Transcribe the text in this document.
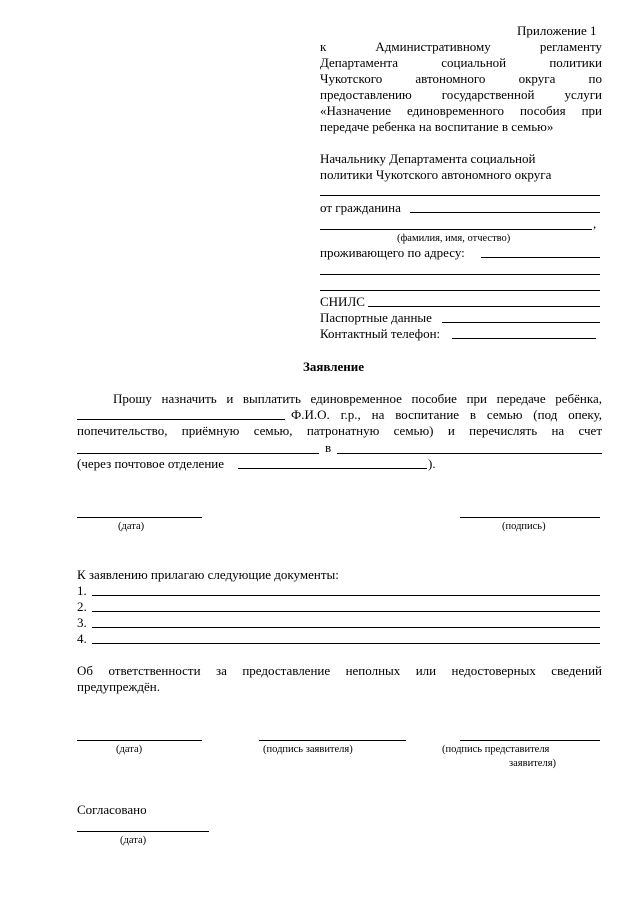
Приложение 1
к Административному регламенту
Департамента социальной политики
Чукотского автономного округа по
предоставлению государственной услуги
«Назначение единовременного пособия при
передаче ребенка на воспитание в семью»
Начальнику Департамента социальной
политики Чукотского автономного округа
от гражданина
,
(фамилия, имя, отчество)
проживающего по адресу:
СНИЛС
Паспортные данные
Контактный телефон:
Заявление
Прошу назначить и выплатить единовременное пособие при передаче ребёнка,
Ф.И.О. г.р., на воспитание в семью (под опеку,
попечительство, приёмную семью, патронатную семью) и перечислять на счет
в
(через почтовое отделение	).
(дата)	(подпись)
К заявлению прилагаю следующие документы:
1.
2.
3.
4.
Об ответственности за предоставление неполных или недостоверных сведений
предупреждён.
(дата)	(подпись заявителя)	(подпись представителя
заявителя)
Согласовано
(дата)
